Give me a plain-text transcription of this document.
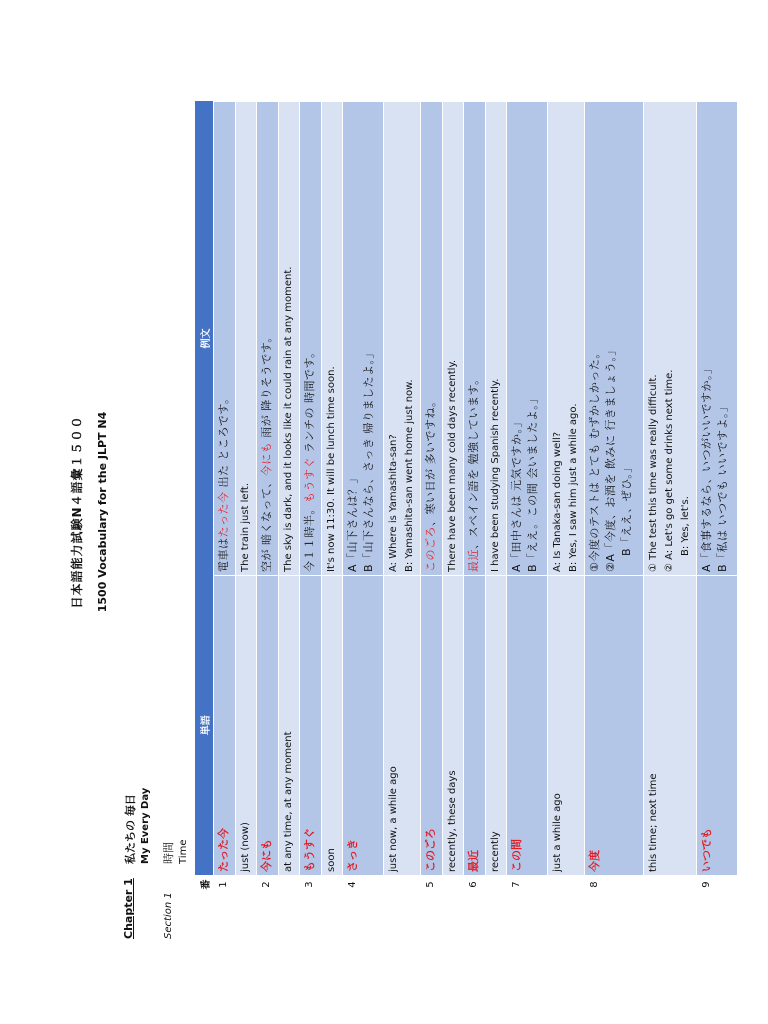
日本語能力試験N４語彙１５００ 1500 Vocabulary for the JLPT N4
Chapter 1
私たちの 毎日 My Every Day
Section 1
時間 Time
番	単語	例文
1	たった今	電車はたった今 出た ところです。
	just (now)	The train just left.
2	今にも	空が 暗くなって、今にも 雨が 降りそうです。
	at any time, at any moment	The sky is dark, and it looks like it could rain at any moment.
3	もうすぐ	今１１時半。もうすぐ ランチの 時間です。
	soon	It's now 11:30. It will be lunch time soon.
4	さっき	A「山下さんは？」 B「山下さんなら、さっき 帰りましたよ。」

	just now, a while ago	A: Where is Yamashita-san? B: Yamashita-san went home just now.

5	このごろ	このごろ、寒い日が 多いですね。
	recently, these days	There have been many cold days recently.
6	最近	最近、スペイン語を 勉強しています。
	recently	I have been studying Spanish recently.
7	この間	A「田中さんは 元気ですか。」 B「ええ。この間 会いましたよ。」

	just a while ago	A: Is Tanaka-san doing well? B: Yes, I saw him just a while ago.

8	今度	①今度のテストは とても むずかしかった。 ②A「今度、お酒を 飲みに 行きましょう。」 B「ええ、ぜひ。」

	this time; next time	① The test this time was really difficult. ② A: Let's go get some drinks next time. B: Yes, let's.

9	いつでも	A「食事するなら、いつがいいですか。」 B「私は いつでも いいですよ。」
